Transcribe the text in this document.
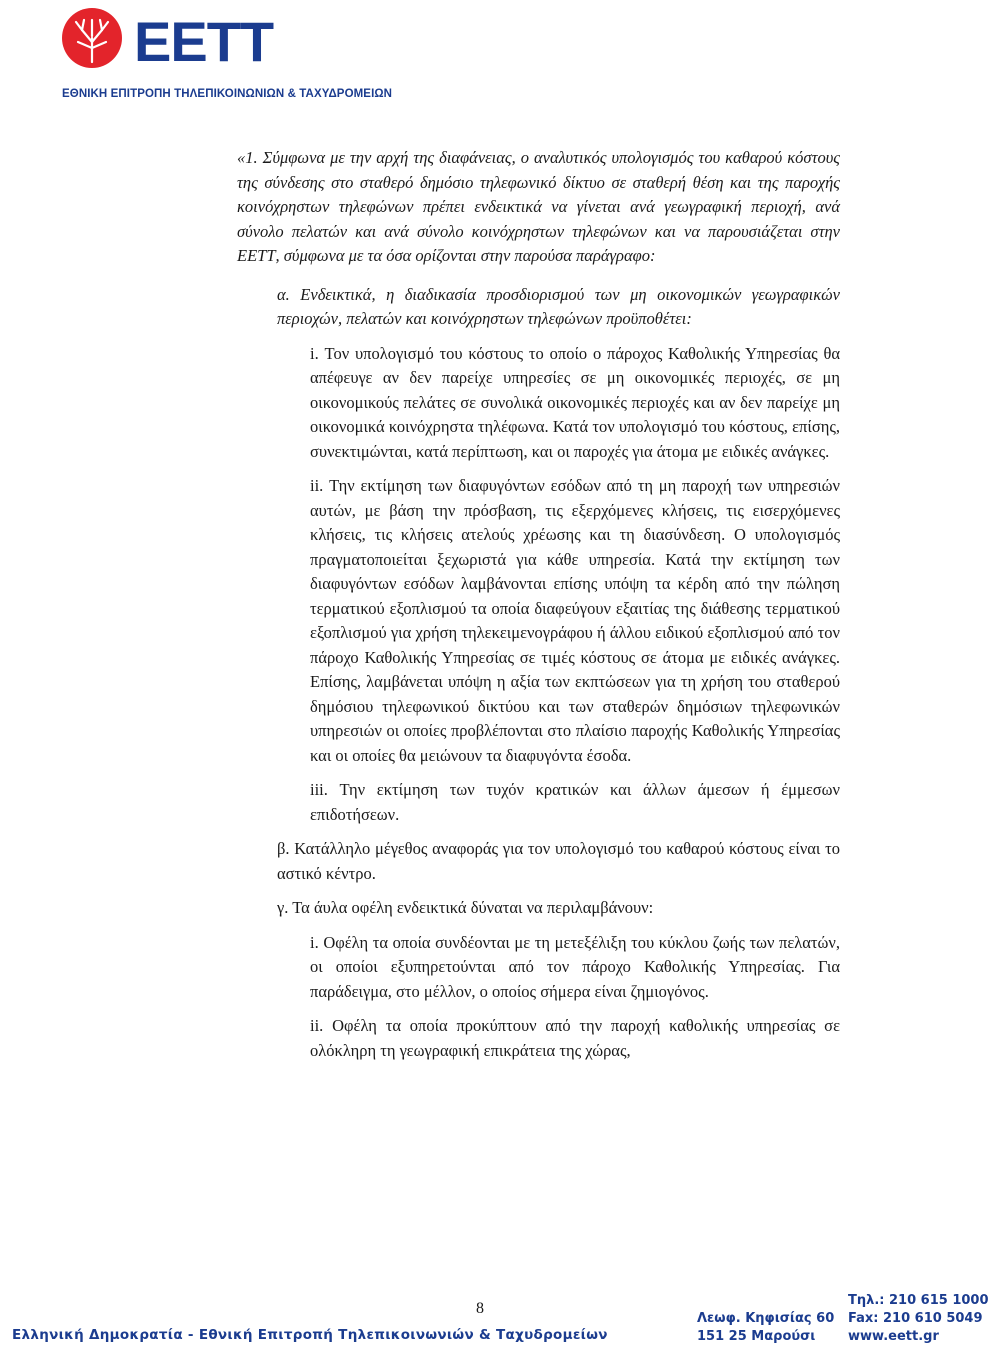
ΕΕΤΤ
ΕΘΝΙΚΗ ΕΠΙΤΡΟΠΗ ΤΗΛΕΠΙΚΟΙΝΩΝΙΩΝ & ΤΑΧΥΔΡΟΜΕΙΩΝ

«1. Σύμφωνα με την αρχή της διαφάνειας, ο αναλυτικός υπολογισμός του καθαρού κόστους της σύνδεσης στο σταθερό δημόσιο τηλεφωνικό δίκτυο σε σταθερή θέση και της παροχής κοινόχρηστων τηλεφώνων πρέπει ενδεικτικά να γίνεται ανά γεωγραφική περιοχή, ανά σύνολο πελατών και ανά σύνολο κοινόχρηστων τηλεφώνων και να παρουσιάζεται στην ΕΕΤΤ, σύμφωνα με τα όσα ορίζονται στην παρούσα παράγραφο:

α. Ενδεικτικά, η διαδικασία προσδιορισμού των μη οικονομικών γεωγραφικών περιοχών, πελατών και κοινόχρηστων τηλεφώνων προϋποθέτει:

i. Τον υπολογισμό του κόστους το οποίο ο πάροχος Καθολικής Υπηρεσίας θα απέφευγε αν δεν παρείχε υπηρεσίες σε μη οικονομικές περιοχές, σε μη οικονομικούς πελάτες σε συνολικά οικονομικές περιοχές και αν δεν παρείχε μη οικονομικά κοινόχρηστα τηλέφωνα. Κατά τον υπολογισμό του κόστους, επίσης, συνεκτιμώνται, κατά περίπτωση, και οι παροχές για άτομα με ειδικές ανάγκες.

ii. Την εκτίμηση των διαφυγόντων εσόδων από τη μη παροχή των υπηρεσιών αυτών, με βάση την πρόσβαση, τις εξερχόμενες κλήσεις, τις εισερχόμενες κλήσεις, τις κλήσεις ατελούς χρέωσης και τη διασύνδεση. Ο υπολογισμός πραγματοποιείται ξεχωριστά για κάθε υπηρεσία. Κατά την εκτίμηση των διαφυγόντων εσόδων λαμβάνονται επίσης υπόψη τα κέρδη από την πώληση τερματικού εξοπλισμού τα οποία διαφεύγουν εξαιτίας της διάθεσης τερματικού εξοπλισμού για χρήση τηλεκειμενογράφου ή άλλου ειδικού εξοπλισμού από τον πάροχο Καθολικής Υπηρεσίας σε τιμές κόστους σε άτομα με ειδικές ανάγκες. Επίσης, λαμβάνεται υπόψη η αξία των εκπτώσεων για τη χρήση του σταθερού δημόσιου τηλεφωνικού δικτύου και των σταθερών δημόσιων τηλεφωνικών υπηρεσιών οι οποίες προβλέπονται στο πλαίσιο παροχής Καθολικής Υπηρεσίας και οι οποίες θα μειώνουν τα διαφυγόντα έσοδα.

iii. Την εκτίμηση των τυχόν κρατικών και άλλων άμεσων ή έμμεσων επιδοτήσεων.

β. Κατάλληλο μέγεθος αναφοράς για τον υπολογισμό του καθαρού κόστους είναι το αστικό κέντρο.

γ. Τα άυλα οφέλη ενδεικτικά δύναται να περιλαμβάνουν:

i. Οφέλη τα οποία συνδέονται με τη μετεξέλιξη του κύκλου ζωής των πελατών, οι οποίοι εξυπηρετούνται από τον πάροχο Καθολικής Υπηρεσίας. Για παράδειγμα, στο μέλλον, ο οποίος σήμερα είναι ζημιογόνος.

ii. Οφέλη τα οποία προκύπτουν από την παροχή καθολικής υπηρεσίας σε ολόκληρη τη γεωγραφική επικράτεια της χώρας,

8
Ελληνική Δημοκρατία - Εθνική Επιτροπή Τηλεπικοινωνιών & Ταχυδρομείων
Λεωφ. Κηφισίας 60
151 25 Μαρούσι
Τηλ.: 210 615 1000
Fax: 210 610 5049
www.eett.gr
